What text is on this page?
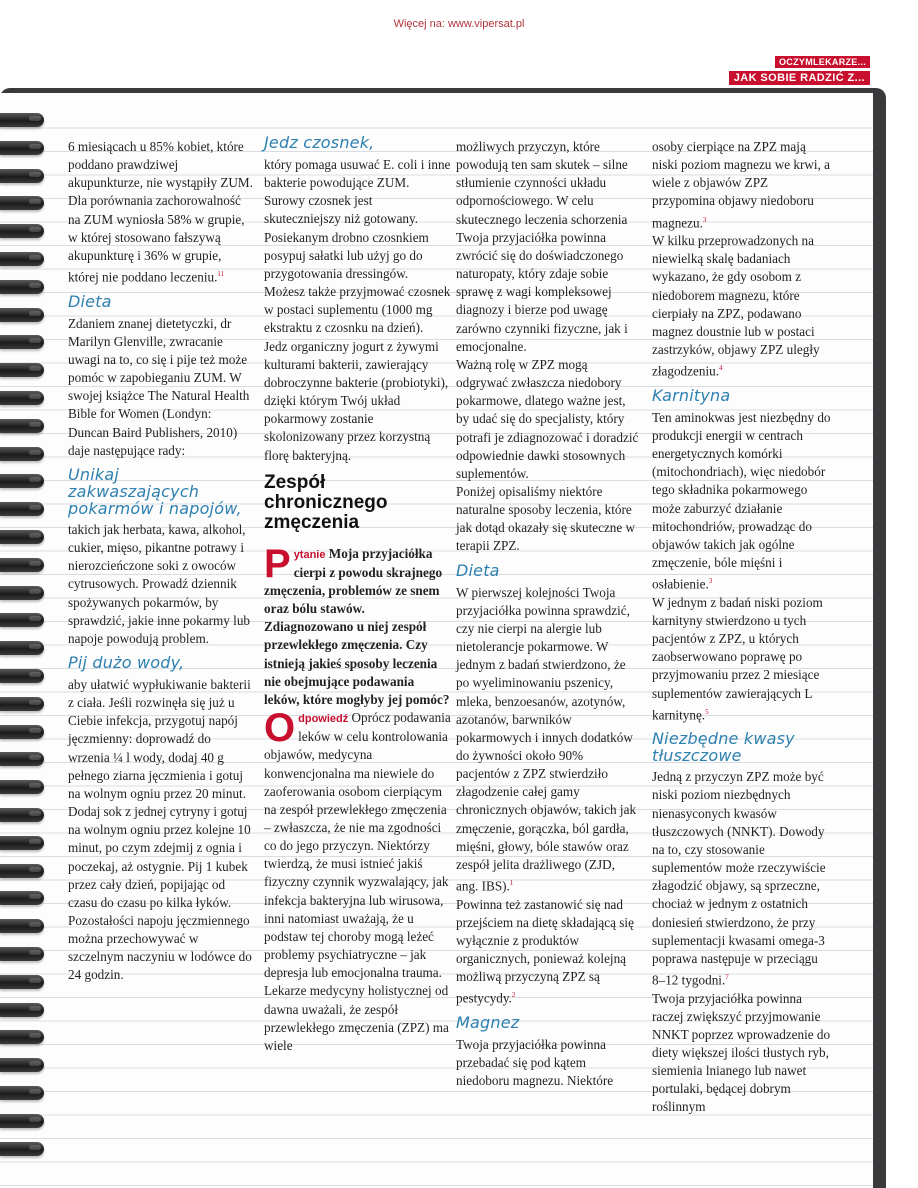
Więcej na: www.vipersat.pl
OCZYMLEKARZE...
JAK SOBIE RADZIĆ Z...

6 miesiącach u 85% kobiet, które poddano prawdziwej akupunkturze, nie wystąpiły ZUM. Dla porównania zachorowalność na ZUM wyniosła 58% w grupie, w której stosowano fałszywą akupunkturę i 36% w grupie, której nie poddano leczeniu.$^{11}$

Dieta

Zdaniem znanej dietetyczki, dr Marilyn Glenville, zwracanie uwagi na to, co się i pije też może pomóc w zapobieganiu ZUM. W swojej książce The Natural Health Bible for Women (Londyn: Duncan Baird Publishers, 2010) daje następujące rady:

Unikaj zakwaszających pokarmów i napojów,

takich jak herbata, kawa, alkohol, cukier, mięso, pikantne potrawy i nierozcieńczone soki z owoców cytrusowych. Prowadź dziennik spożywanych pokarmów, by sprawdzić, jakie inne pokarmy lub napoje powodują problem.

Pij dużo wody,

aby ułatwić wypłukiwanie bakterii z ciała. Jeśli rozwinęła się już u Ciebie infekcja, przygotuj napój jęczmienny: doprowadź do wrzenia ¼ l wody, dodaj 40 g pełnego ziarna jęczmienia i gotuj na wolnym ogniu przez 20 minut. Dodaj sok z jednej cytryny i gotuj na wolnym ogniu przez kolejne 10 minut, po czym zdejmij z ognia i poczekaj, aż ostygnie. Pij 1 kubek przez cały dzień, popijając od czasu do czasu po kilka łyków. Pozostałości napoju jęczmiennego można przechowywać w szczelnym naczyniu w lodówce do 24 godzin.

Jedz czosnek,

który pomaga usuwać E. coli i inne bakterie powodujące ZUM. Surowy czosnek jest skuteczniejszy niż gotowany. Posiekanym drobno czosnkiem posypuj sałatki lub użyj go do przygotowania dressingów. Możesz także przyjmować czosnek w postaci suplementu (1000 mg ekstraktu z czosnku na dzień).

Jedz organiczny jogurt z żywymi kulturami bakterii, zawierający dobroczynne bakterie (probiotyki), dzięki którym Twój układ pokarmowy zostanie skolonizowany przez korzystną florę bakteryjną.

Zespół chronicznego zmęczenia

Pytanie Moja przyjaciółka cierpi z powodu skrajnego zmęczenia, problemów ze snem oraz bólu stawów. Zdiagnozowano u niej zespół przewlekłego zmęczenia. Czy istnieją jakieś sposoby leczenia nie obejmujące podawania leków, które mogłyby jej pomóc?

Odpowiedź Oprócz podawania leków w celu kontrolowania objawów, medycyna konwencjonalna ma niewiele do zaoferowania osobom cierpiącym na zespół przewlekłego zmęczenia – zwłaszcza, że nie ma zgodności co do jego przyczyn. Niektórzy twierdzą, że musi istnieć jakiś fizyczny czynnik wyzwalający, jak infekcja bakteryjna lub wirusowa, inni natomiast uważają, że u podstaw tej choroby mogą leżeć problemy psychiatryczne – jak depresja lub emocjonalna trauma. Lekarze medycyny holistycznej od dawna uważali, że zespół przewlekłego zmęczenia (ZPZ) ma wiele

możliwych przyczyn, które powodują ten sam skutek – silne stłumienie czynności układu odpornościowego. W celu skutecznego leczenia schorzenia Twoja przyjaciółka powinna zwrócić się do doświadczonego naturopaty, który zdaje sobie sprawę z wagi kompleksowej diagnozy i bierze pod uwagę zarówno czynniki fizyczne, jak i emocjonalne.

Ważną rolę w ZPZ mogą odgrywać zwłaszcza niedobory pokarmowe, dlatego ważne jest, by udać się do specjalisty, który potrafi je zdiagnozować i doradzić odpowiednie dawki stosownych suplementów.

Poniżej opisaliśmy niektóre naturalne sposoby leczenia, które jak dotąd okazały się skuteczne w terapii ZPZ.

Dieta

W pierwszej kolejności Twoja przyjaciółka powinna sprawdzić, czy nie cierpi na alergie lub nietolerancje pokarmowe. W jednym z badań stwierdzono, że po wyeliminowaniu pszenicy, mleka, benzoesanów, azotynów, azotanów, barwników pokarmowych i innych dodatków do żywności około 90% pacjentów z ZPZ stwierdziło złagodzenie całej gamy chronicznych objawów, takich jak zmęczenie, gorączka, ból gardła, mięśni, głowy, bóle stawów oraz zespół jelita drażliwego (ZJD, ang. IBS).$^1$

Powinna też zastanowić się nad przejściem na dietę składającą się wyłącznie z produktów organicznych, ponieważ kolejną możliwą przyczyną ZPZ są pestycydy.$^2$

Magnez

Twoja przyjaciółka powinna przebadać się pod kątem niedoboru magnezu. Niektóre

osoby cierpiące na ZPZ mają niski poziom magnezu we krwi, a wiele z objawów ZPZ przypomina objawy niedoboru magnezu.$^3$

W kilku przeprowadzonych na niewielką skalę badaniach wykazano, że gdy osobom z niedoborem magnezu, które cierpiały na ZPZ, podawano magnez doustnie lub w postaci zastrzyków, objawy ZPZ uległy złagodzeniu.$^4$

Karnityna

Ten aminokwas jest niezbędny do produkcji energii w centrach energetycznych komórki (mitochondriach), więc niedobór tego składnika pokarmowego może zaburzyć działanie mitochondriów, prowadząc do objawów takich jak ogólne zmęczenie, bóle mięśni i osłabienie.$^3$

W jednym z badań niski poziom karnityny stwierdzono u tych pacjentów z ZPZ, u których zaobserwowano poprawę po przyjmowaniu przez 2 miesiące suplementów zawierających L karnitynę.$^5$

Niezbędne kwasy tłuszczowe

Jedną z przyczyn ZPZ może być niski poziom niezbędnych nienasyconych kwasów tłuszczowych (NNKT). Dowody na to, czy stosowanie suplementów może rzeczywiście złagodzić objawy, są sprzeczne, chociaż w jednym z ostatnich doniesień stwierdzono, że przy suplementacji kwasami omega-3 poprawa następuje w przeciągu 8–12 tygodni.$^7$

Twoja przyjaciółka powinna raczej zwiększyć przyjmowanie NNKT poprzez wprowadzenie do diety większej ilości tłustych ryb, siemienia lnianego lub nawet portulaki, będącej dobrym roślinnym
